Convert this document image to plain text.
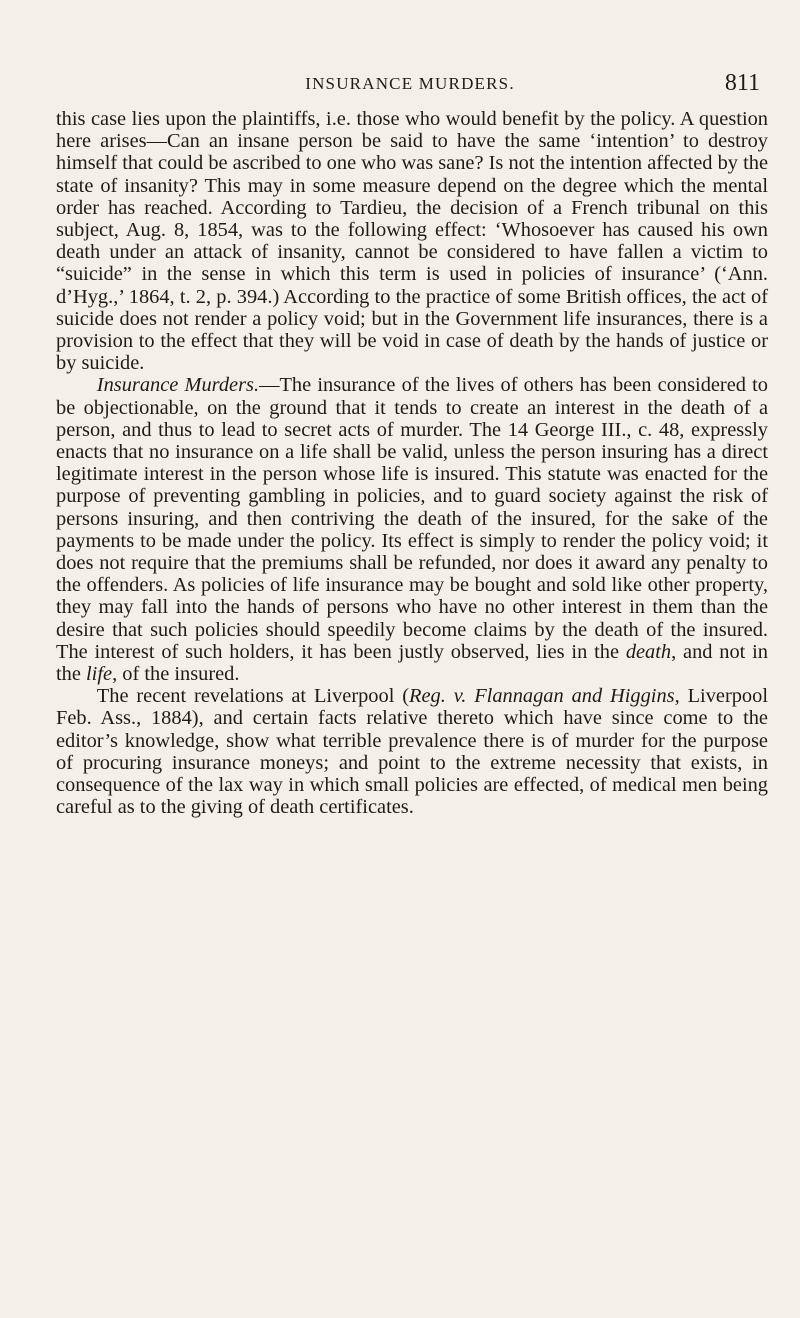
INSURANCE MURDERS.	811

this case lies upon the plaintiffs, i.e. those who would benefit by the policy. A question here arises—Can an insane person be said to have the same ‘intention’ to destroy himself that could be ascribed to one who was sane? Is not the intention affected by the state of insanity? This may in some measure depend on the degree which the mental order has reached. According to Tardieu, the decision of a French tribunal on this subject, Aug. 8, 1854, was to the following effect: ‘Whosoever has caused his own death under an attack of insanity, cannot be considered to have fallen a victim to “suicide” in the sense in which this term is used in policies of insurance’ (‘Ann. d’Hyg.,’ 1864, t. 2, p. 394.) According to the practice of some British offices, the act of suicide does not render a policy void; but in the Government life insurances, there is a provision to the effect that they will be void in case of death by the hands of justice or by suicide.

Insurance Murders.—The insurance of the lives of others has been considered to be objectionable, on the ground that it tends to create an interest in the death of a person, and thus to lead to secret acts of murder. The 14 George III., c. 48, expressly enacts that no insurance on a life shall be valid, unless the person insuring has a direct legitimate interest in the person whose life is insured. This statute was enacted for the purpose of preventing gambling in policies, and to guard society against the risk of persons insuring, and then contriving the death of the insured, for the sake of the payments to be made under the policy. Its effect is simply to render the policy void; it does not require that the premiums shall be refunded, nor does it award any penalty to the offenders. As policies of life insurance may be bought and sold like other property, they may fall into the hands of persons who have no other interest in them than the desire that such policies should speedily become claims by the death of the insured. The interest of such holders, it has been justly observed, lies in the death, and not in the life, of the insured.

The recent revelations at Liverpool (Reg. v. Flannagan and Higgins, Liverpool Feb. Ass., 1884), and certain facts relative thereto which have since come to the editor’s knowledge, show what terrible prevalence there is of murder for the purpose of procuring insurance moneys; and point to the extreme necessity that exists, in consequence of the lax way in which small policies are effected, of medical men being careful as to the giving of death certificates.
